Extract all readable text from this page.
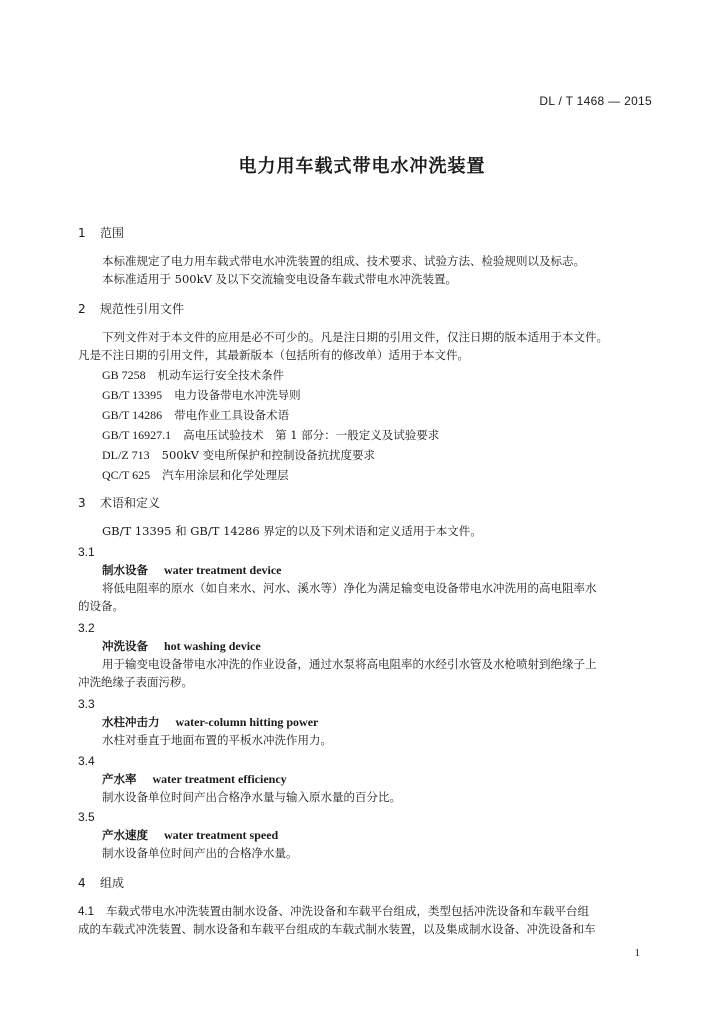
DL / T 1468 — 2015
电力用车载式带电水冲洗装置
1 范围
本标准规定了电力用车载式带电水冲洗装置的组成、技术要求、试验方法、检验规则以及标志。
本标准适用于 500kV 及以下交流输变电设备车载式带电水冲洗装置。
2 规范性引用文件
下列文件对于本文件的应用是必不可少的。凡是注日期的引用文件，仅注日期的版本适用于本文件。
凡是不注日期的引用文件，其最新版本（包括所有的修改单）适用于本文件。
GB 7258 机动车运行安全技术条件
GB/T 13395 电力设备带电水冲洗导则
GB/T 14286 带电作业工具设备术语
GB/T 16927.1 高电压试验技术　第 1 部分：一般定义及试验要求
DL/Z 713 500kV 变电所保护和控制设备抗扰度要求
QC/T 625 汽车用涂层和化学处理层
3 术语和定义
GB/T 13395 和 GB/T 14286 界定的以及下列术语和定义适用于本文件。
3.1
制水设备 water treatment device
将低电阻率的原水（如自来水、河水、溪水等）净化为满足输变电设备带电水冲洗用的高电阻率水
的设备。
3.2
冲洗设备 hot washing device
用于输变电设备带电水冲洗的作业设备，通过水泵将高电阻率的水经引水管及水枪喷射到绝缘子上
冲洗绝缘子表面污秽。
3.3
水柱冲击力 water-column hitting power
水柱对垂直于地面布置的平板水冲洗作用力。
3.4
产水率 water treatment efficiency
制水设备单位时间产出合格净水量与输入原水量的百分比。
3.5
产水速度 water treatment speed
制水设备单位时间产出的合格净水量。
4 组成
4.1 车载式带电水冲洗装置由制水设备、冲洗设备和车载平台组成，类型包括冲洗设备和车载平台组
成的车载式冲洗装置、制水设备和车载平台组成的车载式制水装置，以及集成制水设备、冲洗设备和车
1
